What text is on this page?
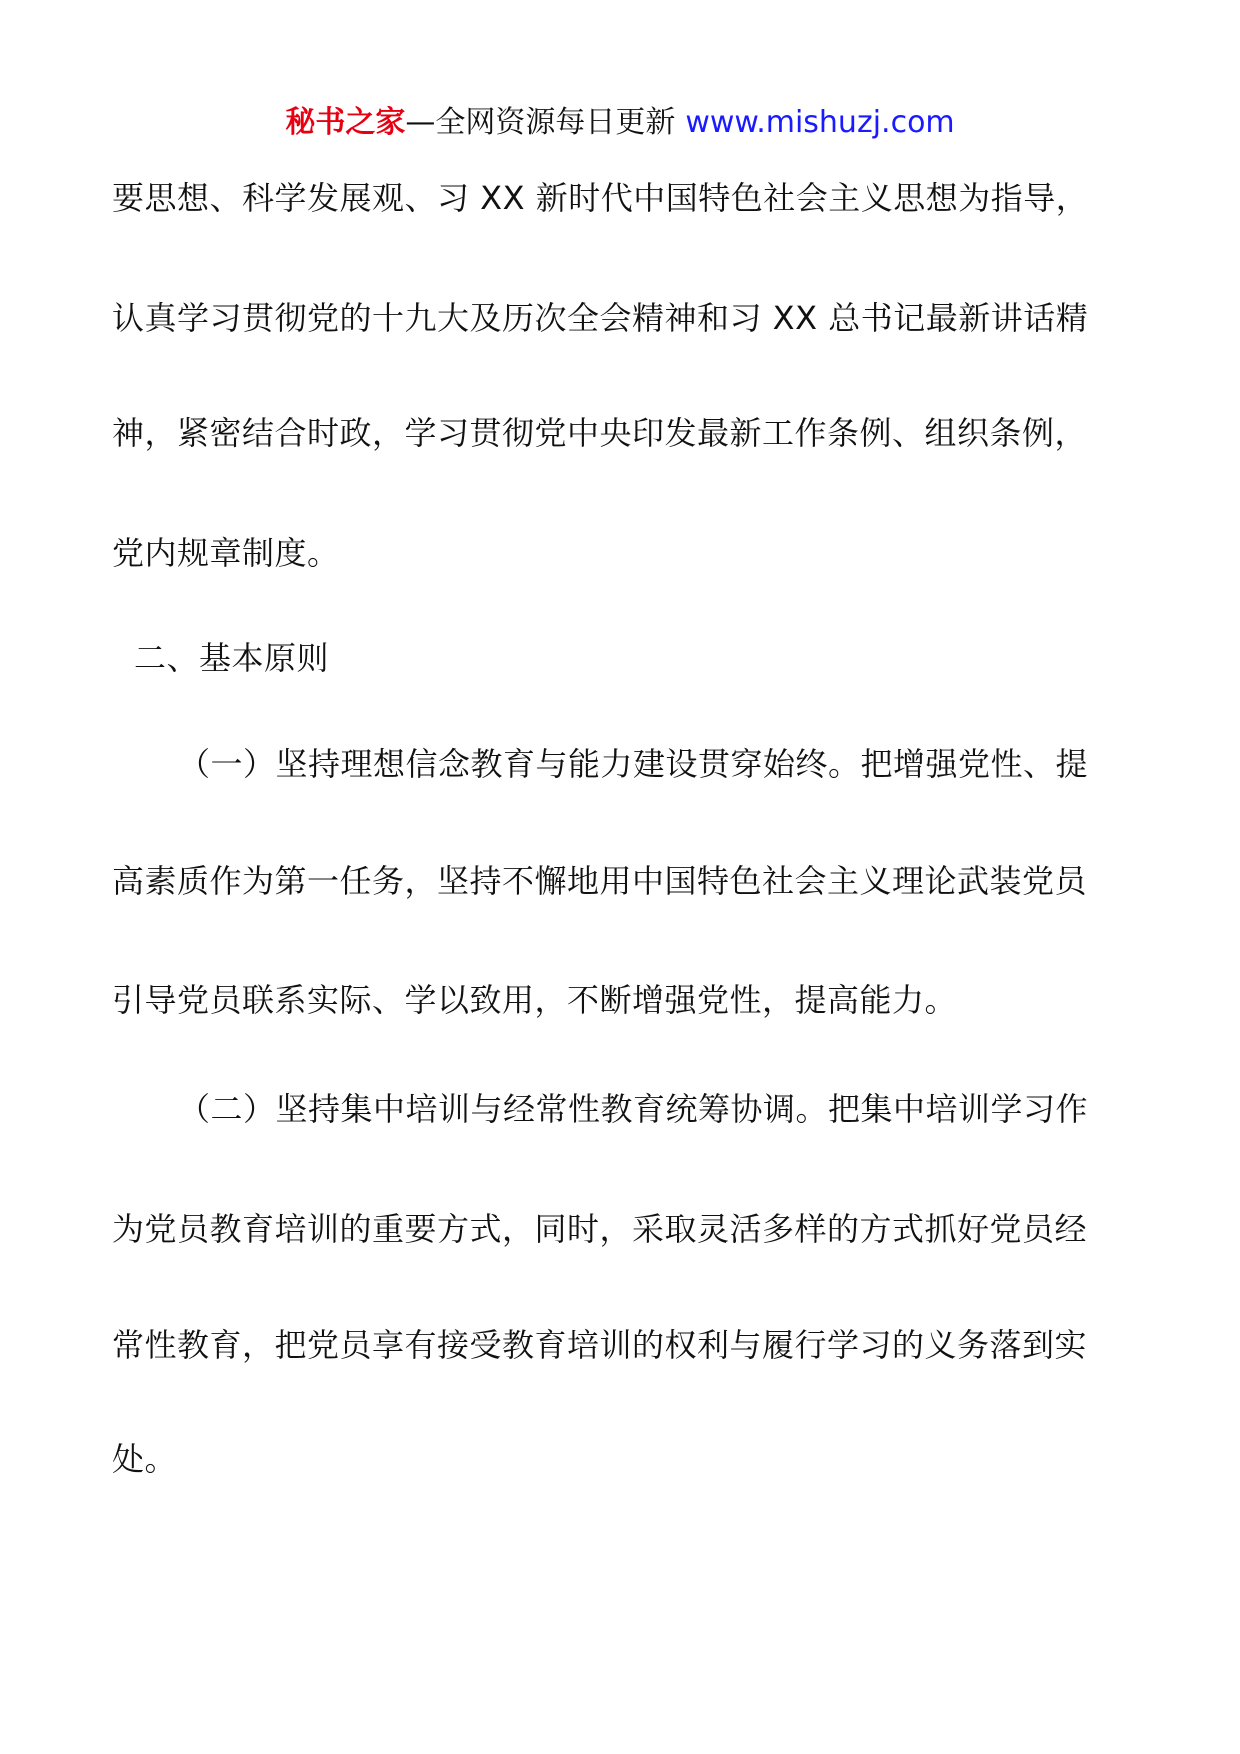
秘书之家—全网资源每日更新 www.mishuzj.com
要思想、科学发展观、习 XX 新时代中国特色社会主义思想为指导，
认真学习贯彻党的十九大及历次全会精神和习 XX 总书记最新讲话精
神，紧密结合时政，学习贯彻党中央印发最新工作条例、组织条例，
党内规章制度。
二、基本原则
（一）坚持理想信念教育与能力建设贯穿始终。把增强党性、提
高素质作为第一任务，坚持不懈地用中国特色社会主义理论武装党员
引导党员联系实际、学以致用，不断增强党性，提高能力。
（二）坚持集中培训与经常性教育统筹协调。把集中培训学习作
为党员教育培训的重要方式，同时，采取灵活多样的方式抓好党员经
常性教育，把党员享有接受教育培训的权利与履行学习的义务落到实
处。
